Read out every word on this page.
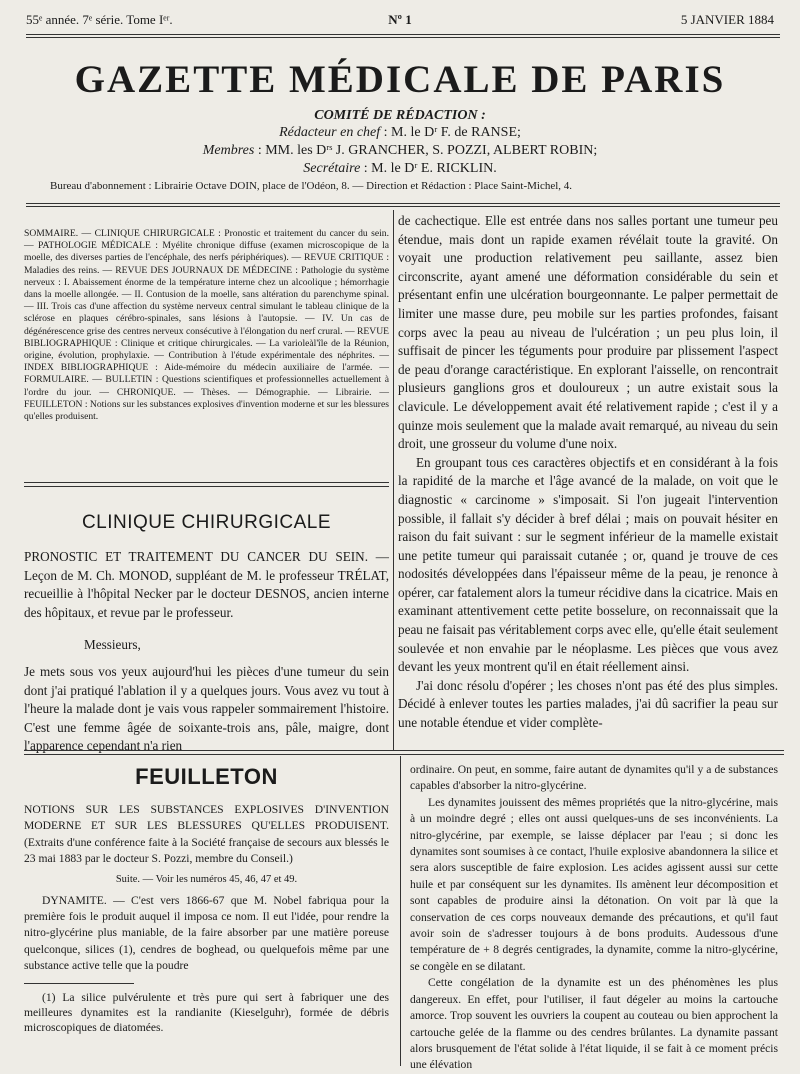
55ᵉ année. 7ᵉ série. Tome Iᵉʳ.	Nº 1	5 JANVIER 1884
GAZETTE MÉDICALE DE PARIS
COMITÉ DE RÉDACTION :
Rédacteur en chef : M. le Dʳ F. de RANSE;
Membres : MM. les Dʳˢ J. GRANCHER, S. POZZI, ALBERT ROBIN;
Secrétaire : M. le Dʳ E. RICKLIN.
Bureau d'abonnement : Librairie Octave DOIN, place de l'Odéon, 8. — Direction et Rédaction : Place Saint-Michel, 4.
SOMMAIRE. — CLINIQUE CHIRURGICALE : Pronostic et traitement du cancer du sein. — PATHOLOGIE MÉDICALE : Myélite chronique diffuse (examen microscopique de la moelle, des diverses parties de l'encéphale, des nerfs périphériques). — REVUE CRITIQUE : Maladies des reins. — REVUE DES JOURNAUX DE MÉDECINE : Pathologie du système nerveux : I. Abaissement énorme de la température interne chez un alcoolique ; hémorrhagie dans la moelle allongée. — II. Contusion de la moelle, sans altération du parenchyme spinal. — III. Trois cas d'une affection du système nerveux central simulant le tableau clinique de la sclérose en plaques cérébro-spinales, sans lésions à l'autopsie. — IV. Un cas de dégénérescence grise des centres nerveux consécutive à l'élongation du nerf crural. — REVUE BIBLIOGRAPHIQUE : Clinique et critique chirurgicales. — La varioleàl'île de la Réunion, origine, évolution, prophylaxie. — Contribution à l'étude expérimentale des néphrites. — INDEX BIBLIOGRAPHIQUE : Aide-mémoire du médecin auxiliaire de l'armée. — FORMULAIRE. — BULLETIN : Questions scientifiques et professionnelles actuellement à l'ordre du jour. — CHRONIQUE. — Thèses. — Démographie. — Librairie. — FEUILLETON : Notions sur les substances explosives d'invention moderne et sur les blessures qu'elles produisent.
CLINIQUE CHIRURGICALE
PRONOSTIC ET TRAITEMENT DU CANCER DU SEIN. — Leçon de M. Ch. MONOD, suppléant de M. le professeur TRÉLAT, recueillie à l'hôpital Necker par le docteur DESNOS, ancien interne des hôpitaux, et revue par le professeur.
Messieurs,
Je mets sous vos yeux aujourd'hui les pièces d'une tumeur du sein dont j'ai pratiqué l'ablation il y a quelques jours. Vous avez vu tout à l'heure la malade dont je vais vous rappeler sommairement l'histoire. C'est une femme âgée de soixante-trois ans, pâle, maigre, dont l'apparence cependant n'a rien
de cachectique. Elle est entrée dans nos salles portant une tumeur peu étendue, mais dont un rapide examen révélait toute la gravité. On voyait une production relativement peu saillante, assez bien circonscrite, ayant amené une déformation considérable du sein et présentant enfin une ulcération bourgeonnante. Le palper permettait de limiter une masse dure, peu mobile sur les parties profondes, faisant corps avec la peau au niveau de l'ulcération ; un peu plus loin, il suffisait de pincer les téguments pour produire par plissement l'aspect de peau d'orange caractéristique. En explorant l'aisselle, on rencontrait plusieurs ganglions gros et douloureux ; un autre existait sous la clavicule. Le développement avait été relativement rapide ; c'est il y a quinze mois seulement que la malade avait remarqué, au niveau du sein droit, une grosseur du volume d'une noix.
En groupant tous ces caractères objectifs et en considérant à la fois la rapidité de la marche et l'âge avancé de la malade, on voit que le diagnostic « carcinome » s'imposait. Si l'on jugeait l'intervention possible, il fallait s'y décider à bref délai ; mais on pouvait hésiter en raison du fait suivant : sur le segment inférieur de la mamelle existait une petite tumeur qui paraissait cutanée ; or, quand je trouve de ces nodosités développées dans l'épaisseur même de la peau, je renonce à opérer, car fatalement alors la tumeur récidive dans la cicatrice. Mais en examinant attentivement cette petite bosselure, on reconnaissait que la peau ne faisait pas véritablement corps avec elle, qu'elle était seulement soulevée et non envahie par le néoplasme. Les pièces que vous avez devant les yeux montrent qu'il en était réellement ainsi.
J'ai donc résolu d'opérer ; les choses n'ont pas été des plus simples. Décidé à enlever toutes les parties malades, j'ai dû sacrifier la peau sur une notable étendue et vider complète-
FEUILLETON
NOTIONS SUR LES SUBSTANCES EXPLOSIVES D'INVENTION MODERNE ET SUR LES BLESSURES QU'ELLES PRODUISENT. (Extraits d'une conférence faite à la Société française de secours aux blessés le 23 mai 1883 par le docteur S. Pozzi, membre du Conseil.)
Suite. — Voir les numéros 45, 46, 47 et 49.
DYNAMITE. — C'est vers 1866-67 que M. Nobel fabriqua pour la première fois le produit auquel il imposa ce nom. Il eut l'idée, pour rendre la nitro-glycérine plus maniable, de la faire absorber par une matière poreuse quelconque, silices (1), cendres de boghead, ou quelquefois même par une substance active telle que la poudre
(1) La silice pulvérulente et très pure qui sert à fabriquer une des meilleures dynamites est la randianite (Kieselguhr), formée de débris microscopiques de diatomées.
ordinaire. On peut, en somme, faire autant de dynamites qu'il y a de substances capables d'absorber la nitro-glycérine.
Les dynamites jouissent des mêmes propriétés que la nitro-glycérine, mais à un moindre degré ; elles ont aussi quelques-uns de ses inconvénients. La nitro-glycérine, par exemple, se laisse déplacer par l'eau ; si donc les dynamites sont soumises à ce contact, l'huile explosive abandonnera la silice et sera alors susceptible de faire explosion. Les acides agissent aussi sur cette huile et par conséquent sur les dynamites. Ils amènent leur décomposition et sont capables de produire ainsi la détonation. On voit par là que la conservation de ces corps nouveaux demande des précautions, et qu'il faut avoir soin de s'adresser toujours à de bons produits. Audessous d'une température de + 8 degrés centigrades, la dynamite, comme la nitro-glycérine, se congèle en se dilatant.
Cette congélation de la dynamite est un des phénomènes les plus dangereux. En effet, pour l'utiliser, il faut dégeler au moins la cartouche amorce. Trop souvent les ouvriers la coupent au couteau ou bien approchent la cartouche gelée de la flamme ou des cendres brûlantes. La dynamite passant alors brusquement de l'état solide à l'état liquide, il se fait à ce moment précis une élévation
